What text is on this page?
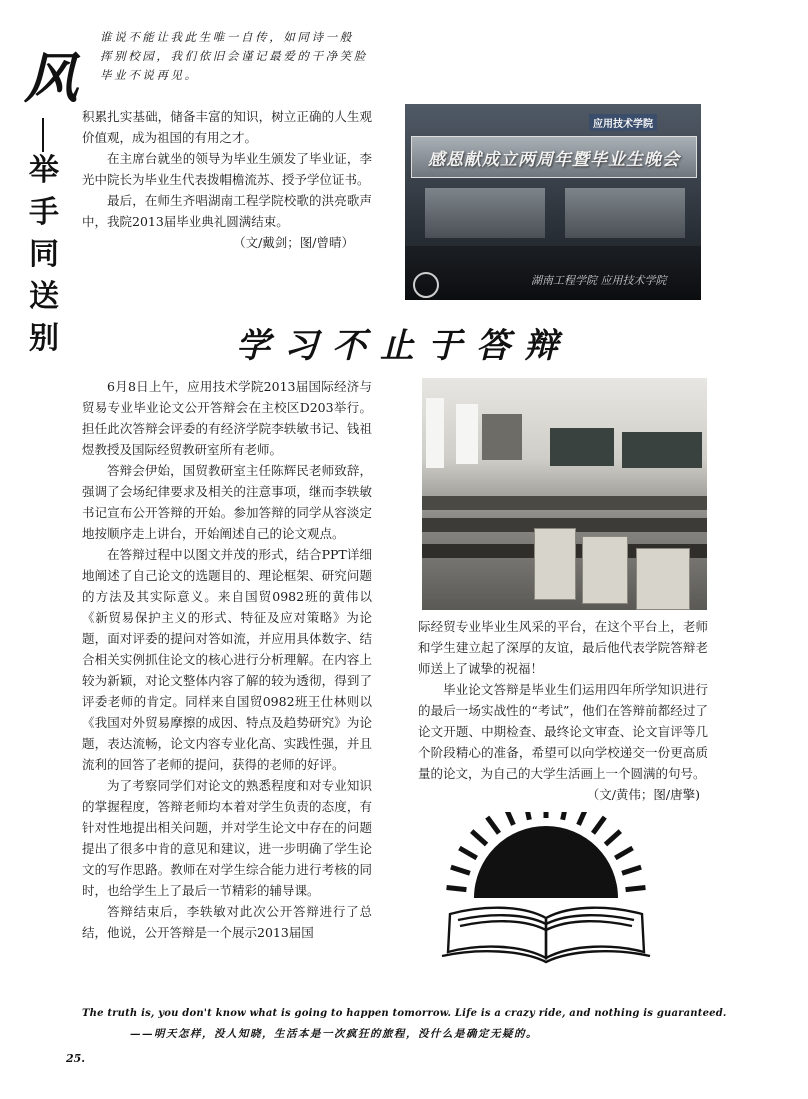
谁说不能让我此生唯一自传，如同诗一般
挥别校园，我们依旧会谨记最爱的干净笑脸
毕业不说再见。
风
举
手
同
送
别

积累扎实基础，储备丰富的知识，树立正确的人生观价值观，成为祖国的有用之才。

在主席台就坐的领导为毕业生颁发了毕业证，李光中院长为毕业生代表拨帽檐流苏、授予学位证书。

最后，在师生齐唱湖南工程学院校歌的洪亮歌声中，我院2013届毕业典礼圆满结束。

（文/戴剑；图/曾晴）
应用技术学院
感恩献成立两周年暨毕业生晚会
湖南工程学院 应用技术学院
学习不止于答辩

6月8日上午，应用技术学院2013届国际经济与贸易专业毕业论文公开答辩会在主校区D203举行。担任此次答辩会评委的有经济学院李轶敏书记、钱祖煜教授及国际经贸教研室所有老师。

答辩会伊始，国贸教研室主任陈辉民老师致辞，强调了会场纪律要求及相关的注意事项，继而李轶敏书记宣布公开答辩的开始。参加答辩的同学从容淡定地按顺序走上讲台，开始阐述自己的论文观点。

在答辩过程中以图文并茂的形式，结合PPT详细地阐述了自己论文的选题目的、理论框架、研究问题的方法及其实际意义。来自国贸0982班的黄伟以《新贸易保护主义的形式、特征及应对策略》为论题，面对评委的提问对答如流，并应用具体数字、结合相关实例抓住论文的核心进行分析理解。在内容上较为新颖，对论文整体内容了解的较为透彻，得到了评委老师的肯定。同样来自国贸0982班王仕林则以《我国对外贸易摩擦的成因、特点及趋势研究》为论题，表达流畅，论文内容专业化高、实践性强，并且流利的回答了老师的提问，获得的老师的好评。

为了考察同学们对论文的熟悉程度和对专业知识的掌握程度，答辩老师均本着对学生负责的态度，有针对性地提出相关问题，并对学生论文中存在的问题提出了很多中肯的意见和建议，进一步明确了学生论文的写作思路。教师在对学生综合能力进行考核的同时，也给学生上了最后一节精彩的辅导课。

答辩结束后，李轶敏对此次公开答辩进行了总结，他说，公开答辩是一个展示2013届国

际经贸专业毕业生风采的平台，在这个平台上，老师和学生建立起了深厚的友谊，最后他代表学院答辩老师送上了诚挚的祝福！

毕业论文答辩是毕业生们运用四年所学知识进行的最后一场实战性的“考试”，他们在答辩前都经过了论文开题、中期检查、最终论文审查、论文盲评等几个阶段精心的准备，希望可以向学校递交一份更高质量的论文，为自己的大学生活画上一个圆满的句号。

（文/黄伟；图/唐擎)
The truth is, you don't know what is going to happen tomorrow. Life is a crazy ride, and nothing is guaranteed.
——明天怎样，没人知晓，生活本是一次疯狂的旅程，没什么是确定无疑的。
25.
